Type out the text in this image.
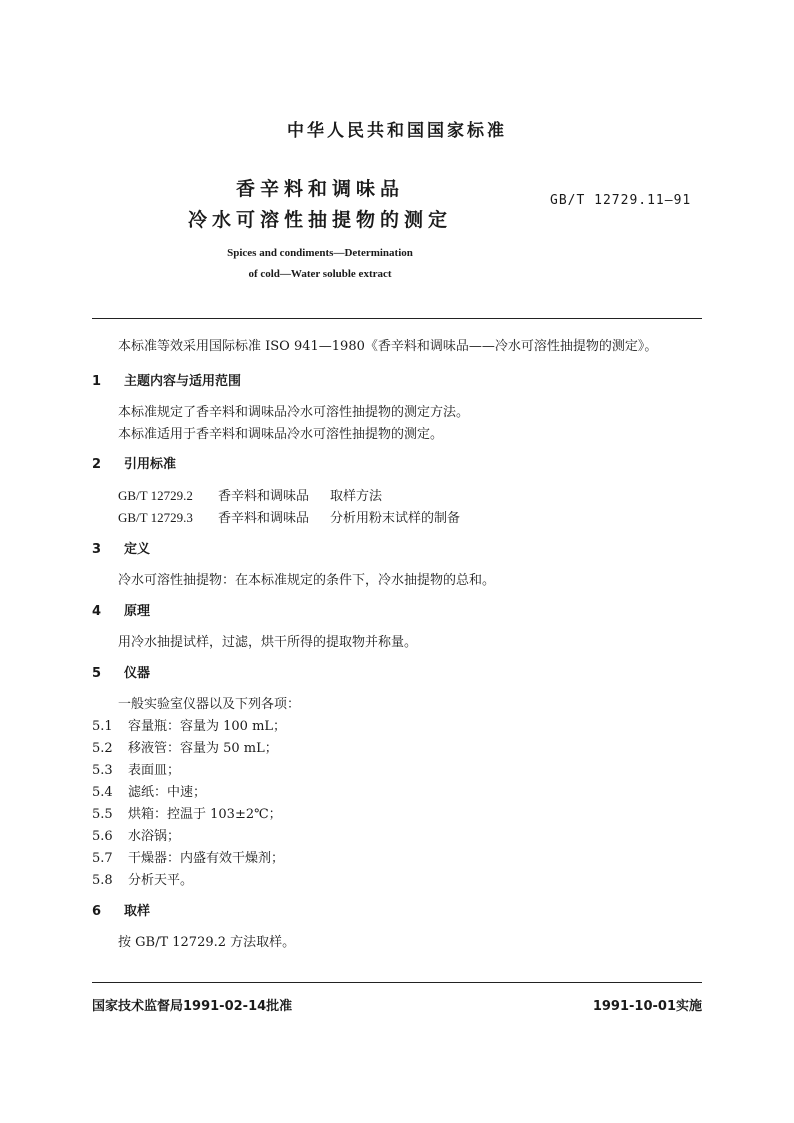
中华人民共和国国家标准
香辛料和调味品
冷水可溶性抽提物的测定
GB/T 12729.11—91
Spices and condiments—Determination
of cold—Water soluble extract
本标准等效采用国际标准 ISO 941—1980《香辛料和调味品——冷水可溶性抽提物的测定》。
1 主题内容与适用范围
本标准规定了香辛料和调味品冷水可溶性抽提物的测定方法。
本标准适用于香辛料和调味品冷水可溶性抽提物的测定。
2 引用标准
GB/T 12729.2 香辛料和调味品 取样方法
GB/T 12729.3 香辛料和调味品 分析用粉末试样的制备
3 定义
冷水可溶性抽提物：在本标准规定的条件下，冷水抽提物的总和。
4 原理
用冷水抽提试样，过滤，烘干所得的提取物并称量。
5 仪器
一般实验室仪器以及下列各项：
5.1 容量瓶：容量为 100 mL；
5.2 移液管：容量为 50 mL；
5.3 表面皿；
5.4 滤纸：中速；
5.5 烘箱：控温于 103±2℃；
5.6 水浴锅；
5.7 干燥器：内盛有效干燥剂；
5.8 分析天平。
6 取样
按 GB/T 12729.2 方法取样。
国家技术监督局1991-02-14批准	1991-10-01实施
